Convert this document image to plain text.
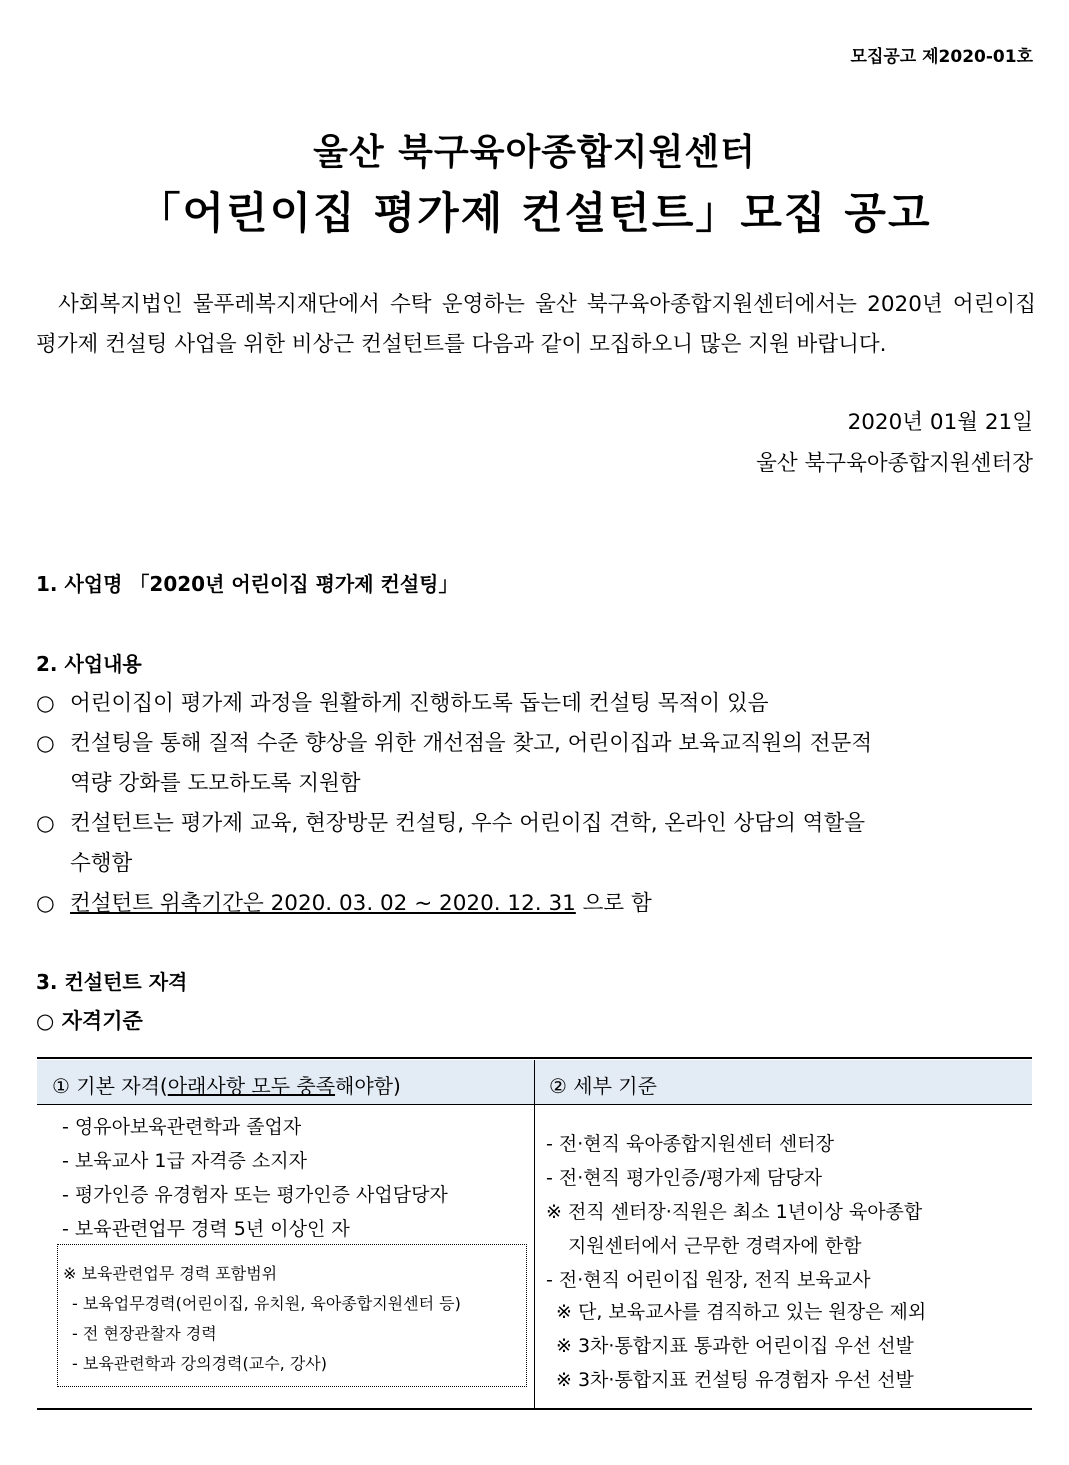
모집공고 제2020-01호
울산 북구육아종합지원센터
「어린이집 평가제 컨설턴트」모집 공고
사회복지법인 물푸레복지재단에서 수탁 운영하는 울산 북구육아종합지원센터에서는 2020년 어린이집 평가제 컨설팅 사업을 위한 비상근 컨설턴트를 다음과 같이 모집하오니 많은 지원 바랍니다.
2020년 01월 21일
울산 북구육아종합지원센터장
1. 사업명 「2020년 어린이집 평가제 컨설팅」
2. 사업내용
○ 어린이집이 평가제 과정을 원활하게 진행하도록 돕는데 컨설팅 목적이 있음
○ 컨설팅을 통해 질적 수준 향상을 위한 개선점을 찾고, 어린이집과 보육교직원의 전문적
역량 강화를 도모하도록 지원함
○ 컨설턴트는 평가제 교육, 현장방문 컨설팅, 우수 어린이집 견학, 온라인 상담의 역할을
수행함
○ 컨설턴트 위촉기간은 2020. 03. 02 ~ 2020. 12. 31 으로 함
3. 컨설턴트 자격
○ 자격기준
① 기본 자격(아래사항 모두 충족해야함)	② 세부 기준
- 영유아보육관련학과 졸업자
- 보육교사 1급 자격증 소지자
- 평가인증 유경험자 또는 평가인증 사업담당자
- 보육관련업무 경력 5년 이상인 자
※ 보육관련업무 경력 포함범위
- 보육업무경력(어린이집, 유치원, 육아종합지원센터 등)
- 전 현장관찰자 경력
- 보육관련학과 강의경력(교수, 강사)
- 전·현직 육아종합지원센터 센터장
- 전·현직 평가인증/평가제 담당자
※ 전직 센터장·직원은 최소 1년이상 육아종합
지원센터에서 근무한 경력자에 한함
- 전·현직 어린이집 원장, 전직 보육교사
※ 단, 보육교사를 겸직하고 있는 원장은 제외
※ 3차·통합지표 통과한 어린이집 우선 선발
※ 3차·통합지표 컨설팅 유경험자 우선 선발
